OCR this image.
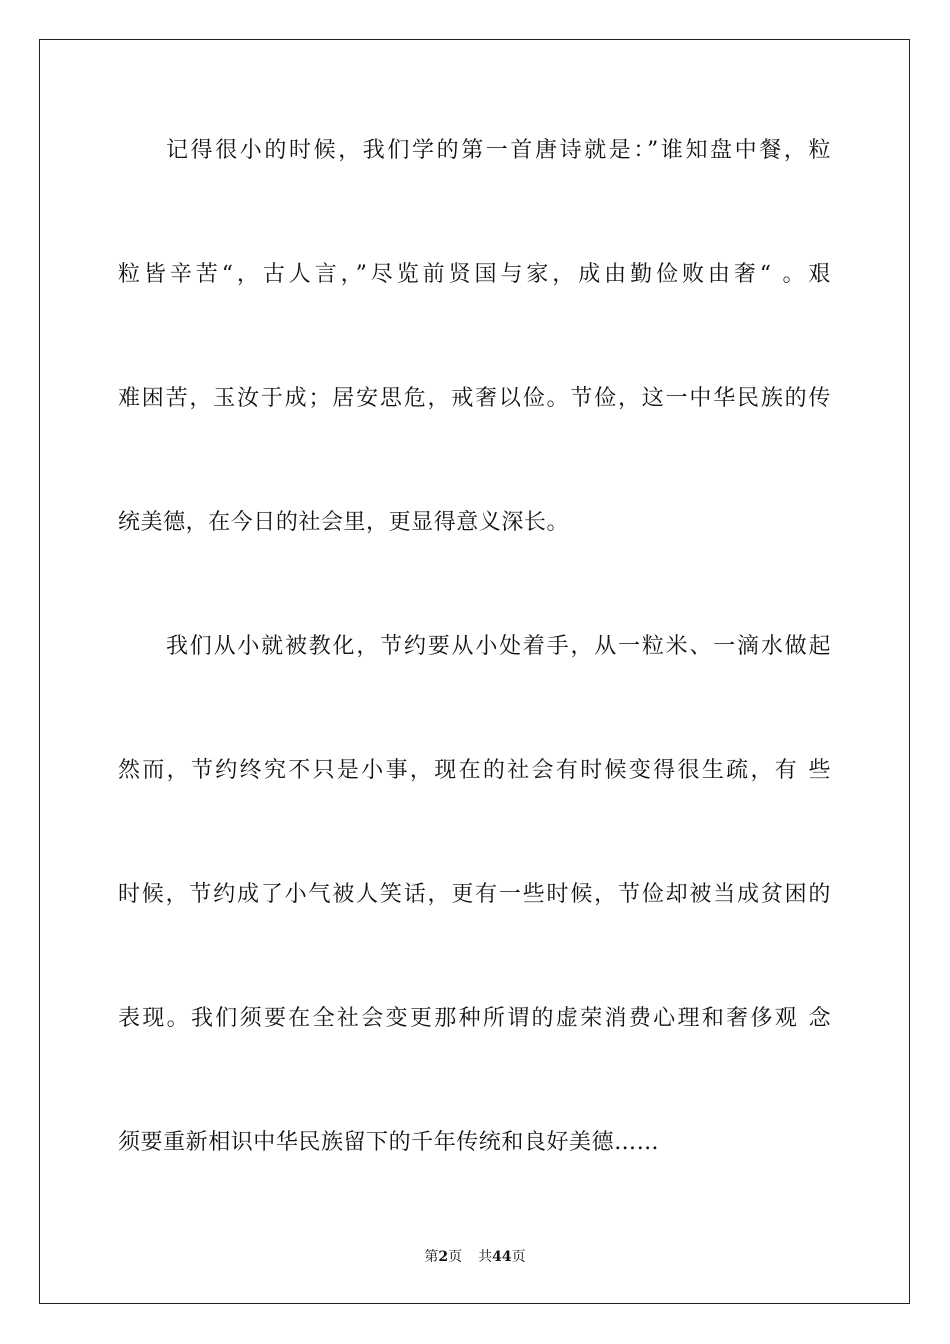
记得很小的时候，我们学的第一首唐诗就是：”谁知盘中餐，粒
粒皆辛苦“，古人言，”尽览前贤国与家，成由勤俭败由奢“ 。艰
难困苦，玉汝于成；居安思危，戒奢以俭。节俭，这一中华民族的传
统美德，在今日的社会里，更显得意义深长。
我们从小就被教化，节约要从小处着手，从一粒米、一滴水做起
然而，节约终究不只是小事，现在的社会有时候变得很生疏，有 些
时候，节约成了小气被人笑话，更有一些时候，节俭却被当成贫困的
表现。我们须要在全社会变更那种所谓的虚荣消费心理和奢侈观 念
须要重新相识中华民族留下的千年传统和良好美德……
第2页 共44页
